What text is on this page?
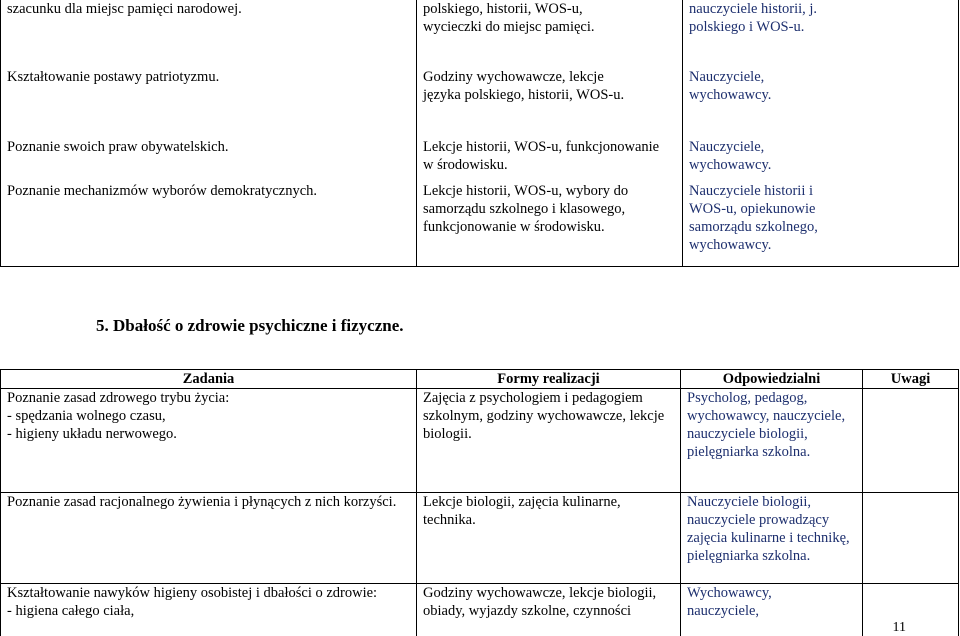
szacunku dla miejsc pamięci narodowej.	polskiego, historii, WOS-u, wycieczki do miejsc pamięci.	nauczyciele historii, j. polskiego i WOS-u.
Kształtowanie postawy patriotyzmu.	Godziny wychowawcze, lekcje języka polskiego, historii, WOS-u.	Nauczyciele, wychowawcy.
Poznanie swoich praw obywatelskich.	Lekcje historii, WOS-u, funkcjonowanie w środowisku.	Nauczyciele, wychowawcy.
Poznanie mechanizmów wyborów demokratycznych.	Lekcje historii, WOS-u, wybory do samorządu szkolnego i klasowego, funkcjonowanie w środowisku.	Nauczyciele historii i WOS-u, opiekunowie samorządu szkolnego, wychowawcy.
5. Dbałość o zdrowie psychiczne i fizyczne.
Zadania	Formy realizacji	Odpowiedzialni	Uwagi

Poznanie zasad zdrowego trybu życia:
- spędzania wolnego czasu,
- higieny układu nerwowego.	Zajęcia z psychologiem i pedagogiem szkolnym, godziny wychowawcze, lekcje biologii.	Psycholog, pedagog, wychowawcy, nauczyciele, nauczyciele biologii, pielęgniarka szkolna.	

Poznanie zasad racjonalnego żywienia i płynących z nich korzyści.	Lekcje biologii, zajęcia kulinarne, technika.	Nauczyciele biologii, nauczyciele prowadzący zajęcia kulinarne i technikę, pielęgniarka szkolna.	

Kształtowanie nawyków higieny osobistej i dbałości o zdrowie:
- higiena całego ciała,	Godziny wychowawcze, lekcje biologii, obiady, wyjazdy szkolne, czynności	Wychowawcy, nauczyciele,	
11
